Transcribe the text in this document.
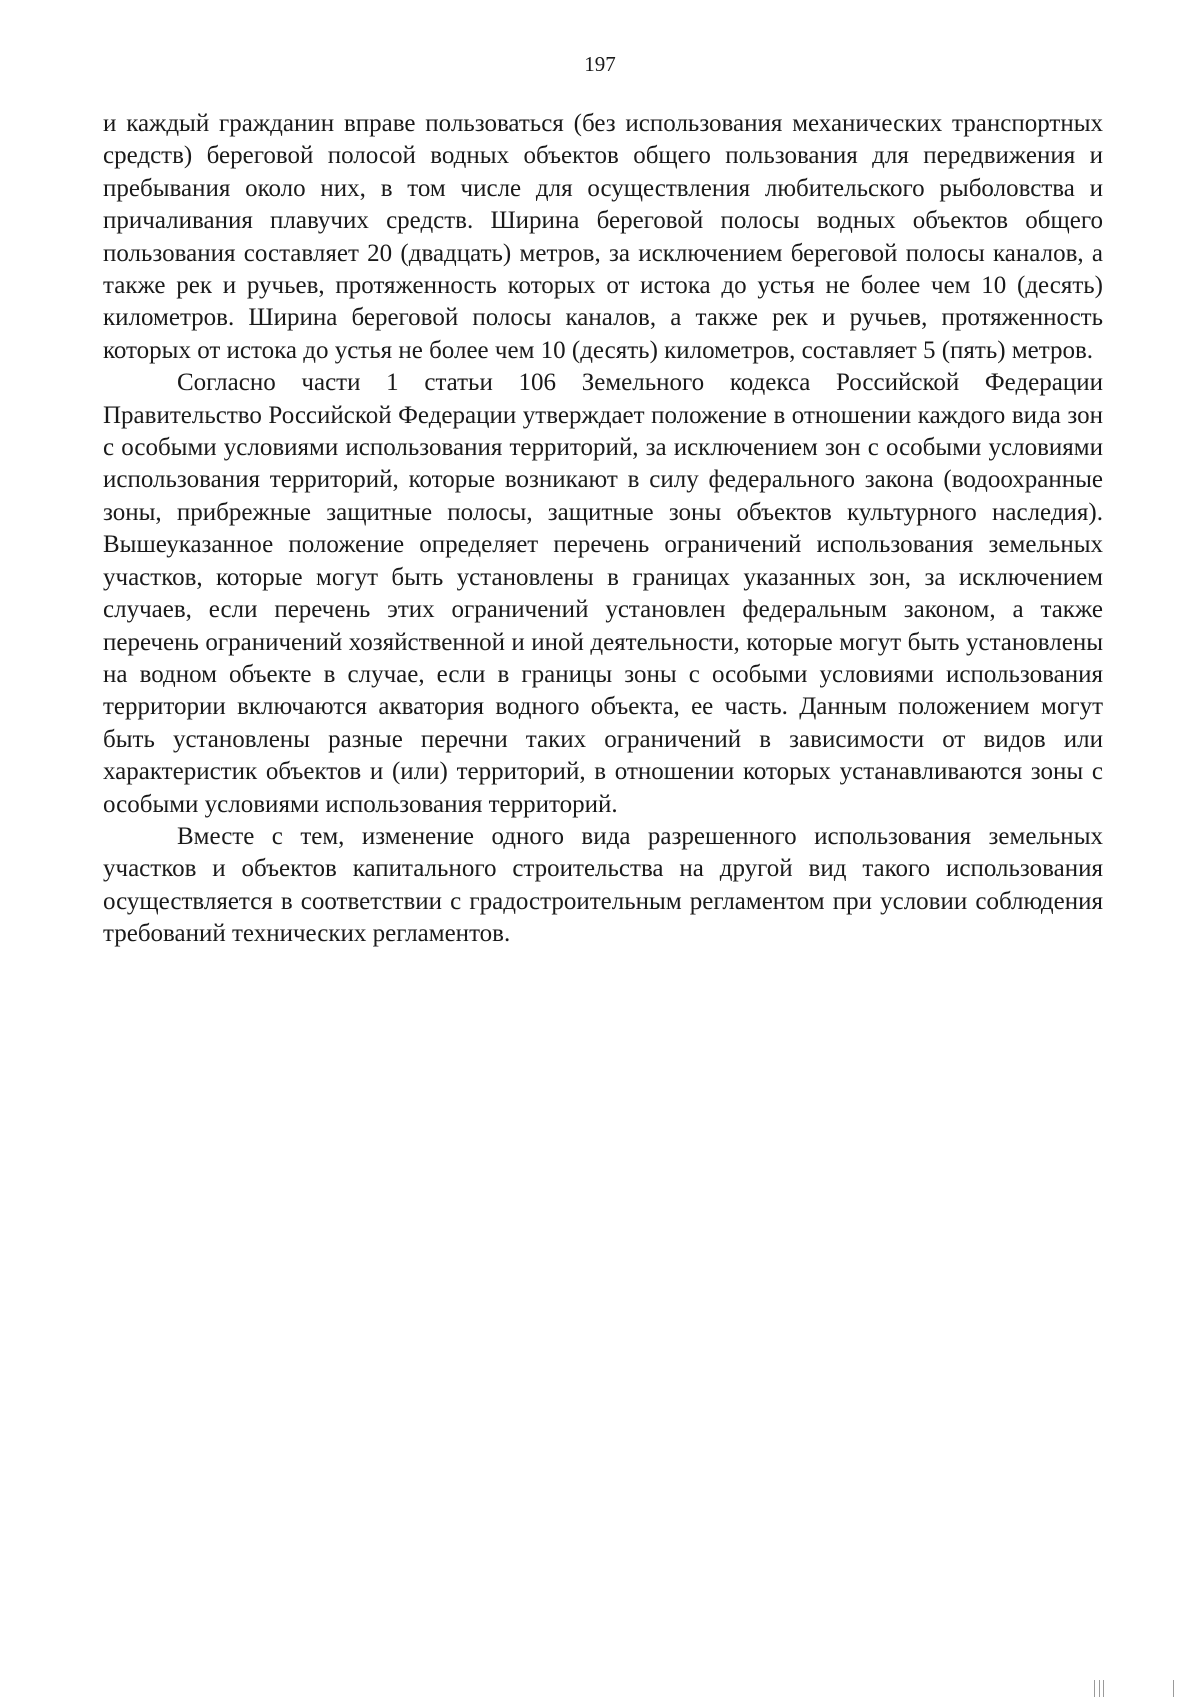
197

и каждый гражданин вправе пользоваться (без использования механических транспортных средств) береговой полосой водных объектов общего пользования для передвижения и пребывания около них, в том числе для осуществления любительского рыболовства и причаливания плавучих средств. Ширина береговой полосы водных объектов общего пользования составляет 20 (двадцать) метров, за исключением береговой полосы каналов, а также рек и ручьев, протяженность которых от истока до устья не более чем 10 (десять) километров. Ширина береговой полосы каналов, а также рек и ручьев, протяженность которых от истока до устья не более чем 10 (десять) километров, составляет 5 (пять) метров.

Согласно части 1 статьи 106 Земельного кодекса Российской Федерации Правительство Российской Федерации утверждает положение в отношении каждого вида зон с особыми условиями использования территорий, за исключением зон с особыми условиями использования территорий, которые возникают в силу федерального закона (водоохранные зоны, прибрежные защитные полосы, защитные зоны объектов культурного наследия). Вышеуказанное положение определяет перечень ограничений использования земельных участков, которые могут быть установлены в границах указанных зон, за исключением случаев, если перечень этих ограничений установлен федеральным законом, а также перечень ограничений хозяйственной и иной деятельности, которые могут быть установлены на водном объекте в случае, если в границы зоны с особыми условиями использования территории включаются акватория водного объекта, ее часть. Данным положением могут быть установлены разные перечни таких ограничений в зависимости от видов или характеристик объектов и (или) территорий, в отношении которых устанавливаются зоны с особыми условиями использования территорий.

Вместе с тем, изменение одного вида разрешенного использования земельных участков и объектов капитального строительства на другой вид такого использования осуществляется в соответствии с градостроительным регламентом при условии соблюдения требований технических регламентов.
